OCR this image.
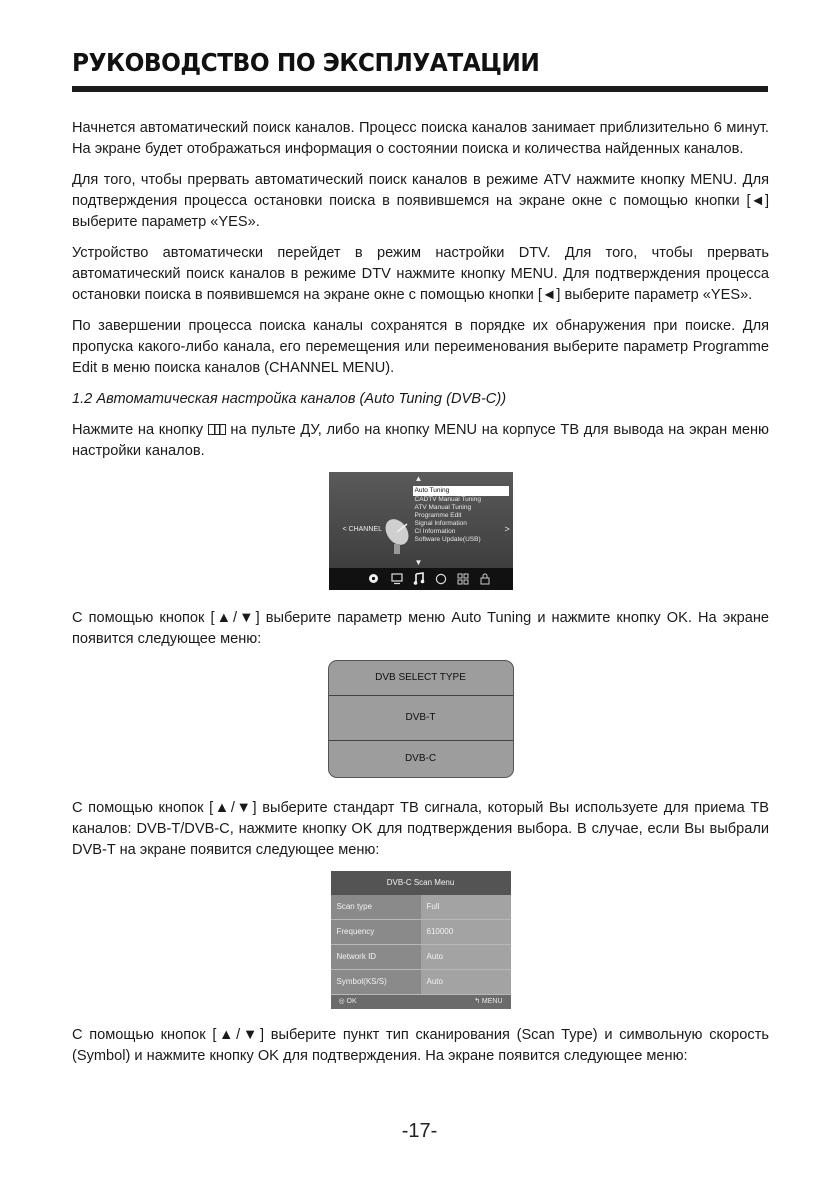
РУКОВОДСТВО ПО ЭКСПЛУАТАЦИИ

Начнется автоматический поиск каналов. Процесс поиска каналов занимает приблизительно 6 минут. На экране будет отображаться информация о состоянии поиска и количества найденных каналов.

Для того, чтобы прервать автоматический поиск каналов в режиме ATV нажмите кнопку MENU. Для подтверждения процесса остановки поиска в появившемся на экране окне с помощью кнопки [◄] выберите параметр «YES».

Устройство автоматически перейдет в режим настройки DTV. Для того, чтобы прервать автоматический поиск каналов в режиме DTV нажмите кнопку MENU. Для подтверждения процесса остановки поиска в появившемся на экране окне с помощью кнопки [◄] выберите параметр «YES».

По завершении процесса поиска каналы сохранятся в порядке их обнаружения при поиске. Для пропуска какого-либо канала, его перемещения или переименования выберите параметр Programme Edit в меню поиска каналов (CHANNEL MENU).

1.2 Автоматическая настройка каналов (Auto Tuning (DVB-C))

Нажмите на кнопку на пульте ДУ, либо на кнопку MENU на корпусе ТВ для вывода на экран меню настройки каналов.

▲
< CHANNEL
Auto Tuning
CADTV Manual Tuning
ATV Manual Tuning
Programme Edit
Signal Information
CI Information
Software Update(USB)
>
▼

С помощью кнопок [▲/▼] выберите параметр меню Auto Tuning и нажмите кнопку OK. На экране появится следующее меню:

DVB SELECT TYPE
DVB-T
DVB-C

С помощью кнопок [▲/▼] выберите стандарт ТВ сигнала, который Вы используете для приема ТВ каналов: DVB-T/DVB-C, нажмите кнопку OK для подтверждения выбора. В случае, если Вы выбрали DVB-T на экране появится следующее меню:

DVB-C Scan Menu
Scan type	Full
Frequency	610000
Network ID	Auto
Symbol(KS/S)	Auto
◎ OK	↰ MENU

С помощью кнопок [▲/▼] выберите пункт тип сканирования (Scan Type) и символьную скорость (Symbol) и нажмите кнопку OK для подтверждения. На экране появится следующее меню:

-17-
